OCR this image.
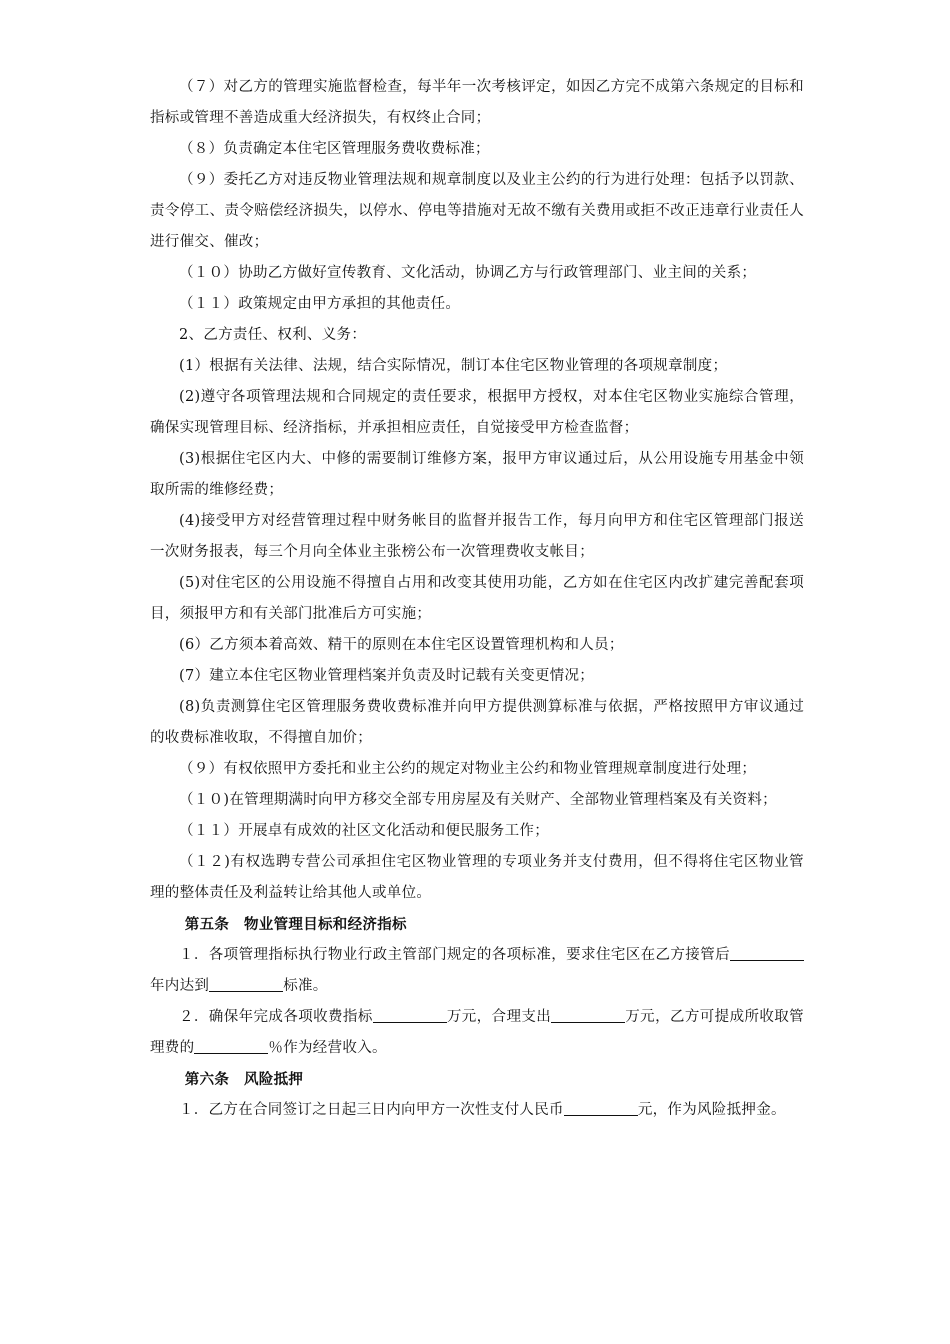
（７）对乙方的管理实施监督检查，每半年一次考核评定，如因乙方完不成第六条规定的目标和指标或管理不善造成重大经济损失，有权终止合同；

（８）负责确定本住宅区管理服务费收费标准；

（９）委托乙方对违反物业管理法规和规章制度以及业主公约的行为进行处理：包括予以罚款、责令停工、责令赔偿经济损失，以停水、停电等措施对无故不缴有关费用或拒不改正违章行业责任人进行催交、催改；

（１０）协助乙方做好宣传教育、文化活动，协调乙方与行政管理部门、业主间的关系；

（１１）政策规定由甲方承担的其他责任。

2、乙方责任、权利、义务：

(1）根据有关法律、法规，结合实际情况，制订本住宅区物业管理的各项规章制度；

(2)遵守各项管理法规和合同规定的责任要求，根据甲方授权，对本住宅区物业实施综合管理，确保实现管理目标、经济指标，并承担相应责任，自觉接受甲方检查监督；

(3)根据住宅区内大、中修的需要制订维修方案，报甲方审议通过后，从公用设施专用基金中领取所需的维修经费；

(4)接受甲方对经营管理过程中财务帐目的监督并报告工作，每月向甲方和住宅区管理部门报送一次财务报表，每三个月向全体业主张榜公布一次管理费收支帐目；

(5)对住宅区的公用设施不得擅自占用和改变其使用功能，乙方如在住宅区内改扩建完善配套项目，须报甲方和有关部门批准后方可实施；

(6）乙方须本着高效、精干的原则在本住宅区设置管理机构和人员；

(7）建立本住宅区物业管理档案并负责及时记载有关变更情况；

(8)负责测算住宅区管理服务费收费标准并向甲方提供测算标准与依据，严格按照甲方审议通过的收费标准收取，不得擅自加价；

（９）有权依照甲方委托和业主公约的规定对物业主公约和物业管理规章制度进行处理；

（１０)在管理期满时向甲方移交全部专用房屋及有关财产、全部物业管理档案及有关资料；

（１１）开展卓有成效的社区文化活动和便民服务工作；

（１２)有权选聘专营公司承担住宅区物业管理的专项业务并支付费用，但不得将住宅区物业管理的整体责任及利益转让给其他人或单位。

第五条　物业管理目标和经济指标

１．各项管理指标执行物业行政主管部门规定的各项标准，要求住宅区在乙方接管后年内达到	标准。

２．确保年完成各项收费指标	万元，合理支出	万元，乙方可提成所收取管理费的	％作为经营收入。

第六条　风险抵押

１．乙方在合同签订之日起三日内向甲方一次性支付人民币	元，作为风险抵押金。
